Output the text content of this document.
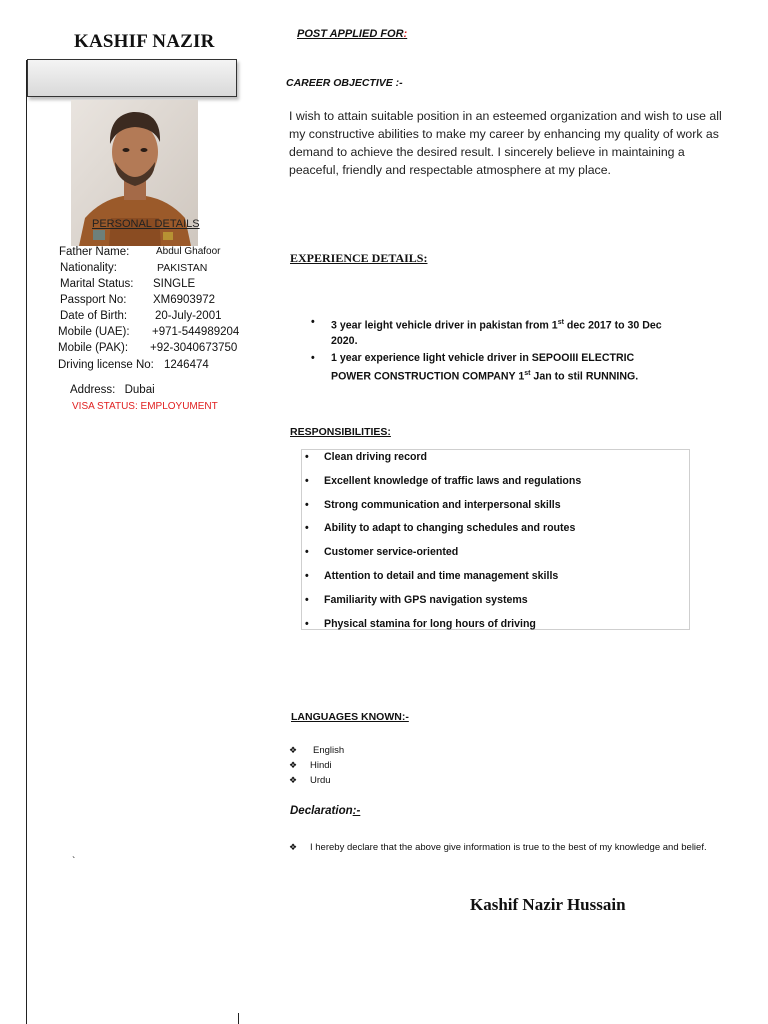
KASHIF NAZIR
PERSONAL DETAILS
Father Name:	Abdul Ghafoor
Nationality:	PAKISTAN
Marital Status: SINGLE
Passport No: XM6903972
Date of Birth: 20-July-2001
Mobile (UAE): +971-544989204
Mobile (PAK): +92-3040673750
Driving license No: 1246474
Address: Dubai
VISA STATUS: EMPLOYUMENT
`
POST APPLIED FOR:
CAREER OBJECTIVE :-
I wish to attain suitable position in an esteemed organization and wish to use all my constructive abilities to make my career by enhancing my quality of work as demand to achieve the desired result. I sincerely believe in maintaining a peaceful, friendly and respectable atmosphere at my place.
EXPERIENCE DETAILS:
• 3 year leight vehicle driver in pakistan from 1st dec 2017 to 30 Dec 2020.
• 1 year experience light vehicle driver in SEPOOIII ELECTRIC POWER CONSTRUCTION COMPANY 1st Jan to stil RUNNING.
RESPONSIBILITIES:
• Clean driving record
• Excellent knowledge of traffic laws and regulations
• Strong communication and interpersonal skills
• Ability to adapt to changing schedules and routes
• Customer service-oriented
• Attention to detail and time management skills
• Familiarity with GPS navigation systems
• Physical stamina for long hours of driving
LANGUAGES KNOWN:-
❖ English
❖ Hindi
❖ Urdu
Declaration:-
❖	I hereby declare that the above give information is true to the best of my knowledge and belief.
Kashif Nazir Hussain
